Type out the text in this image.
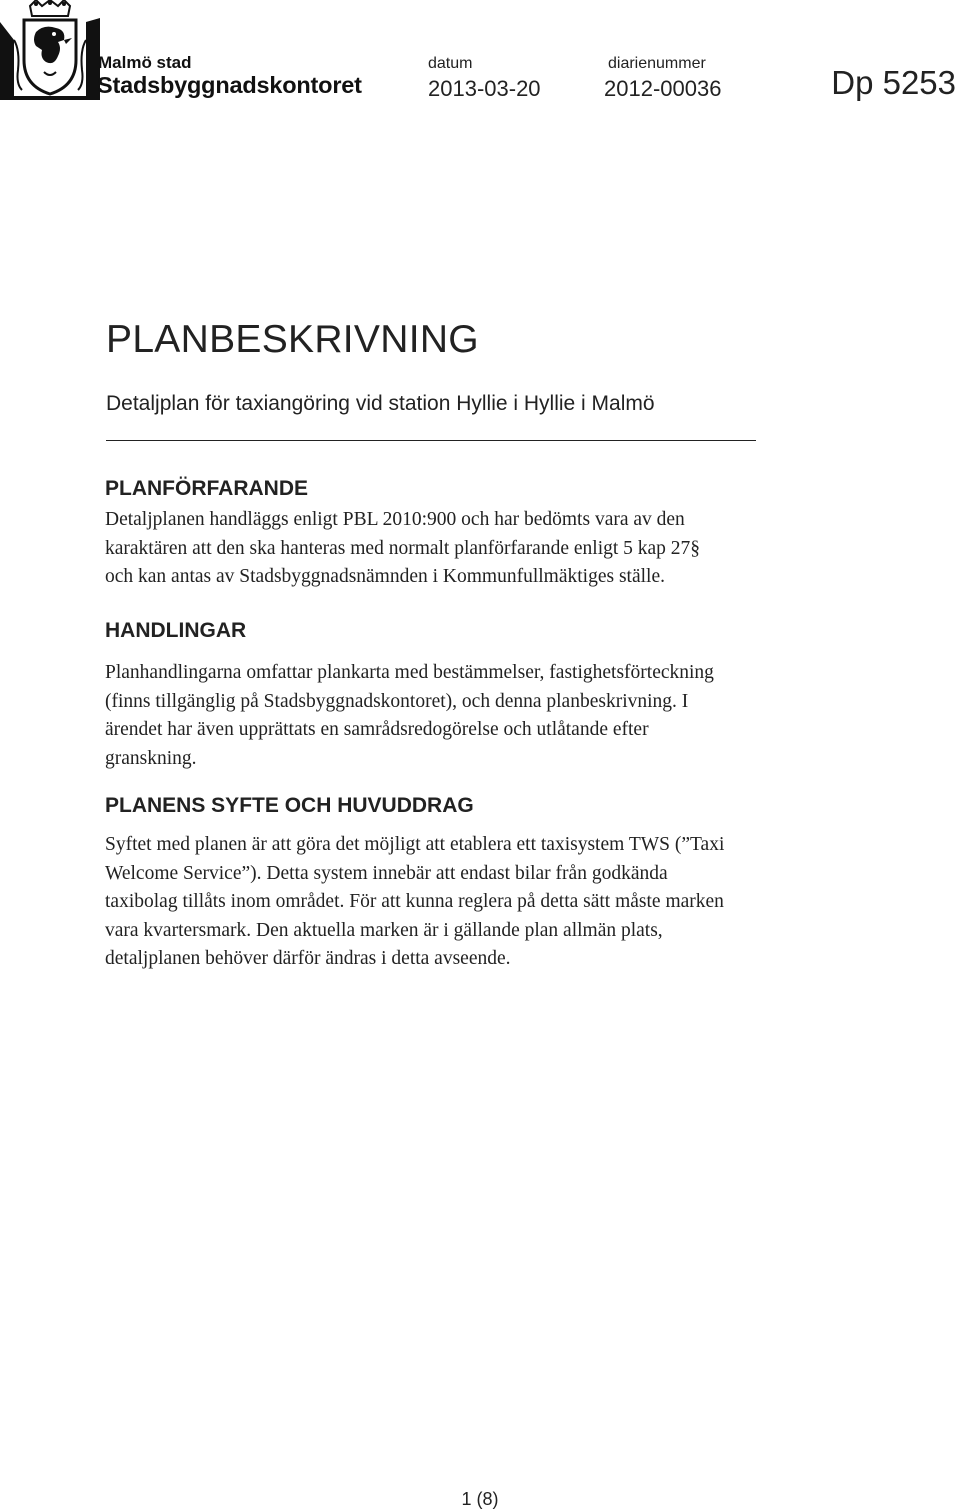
Malmö stad
Stadsbyggnadskontoret
datum
2013-03-20
diarienummer
2012-00036	Dp 5253
PLANBESKRIVNING
Detaljplan för taxiangöring vid station Hyllie i Hyllie i Malmö
PLANFÖRFARANDE

Detaljplanen handläggs enligt PBL 2010:900 och har bedömts vara av den

karaktären att den ska hanteras med normalt planförfarande enligt 5 kap 27§

och kan antas av Stadsbyggnadsnämnden i Kommunfullmäktiges ställe.

HANDLINGAR

Planhandlingarna omfattar plankarta med bestämmelser, fastighetsförteckning

(finns tillgänglig på Stadsbyggnadskontoret), och denna planbeskrivning. I

ärendet har även upprättats en samrådsredogörelse och utlåtande efter

granskning.

PLANENS SYFTE OCH HUVUDDRAG

Syftet med planen är att göra det möjligt att etablera ett taxisystem TWS (”Taxi

Welcome Service”). Detta system innebär att endast bilar från godkända

taxibolag tillåts inom området. För att kunna reglera på detta sätt måste marken

vara kvartersmark. Den aktuella marken är i gällande plan allmän plats,

detaljplanen behöver därför ändras i detta avseende.

1 (8)
